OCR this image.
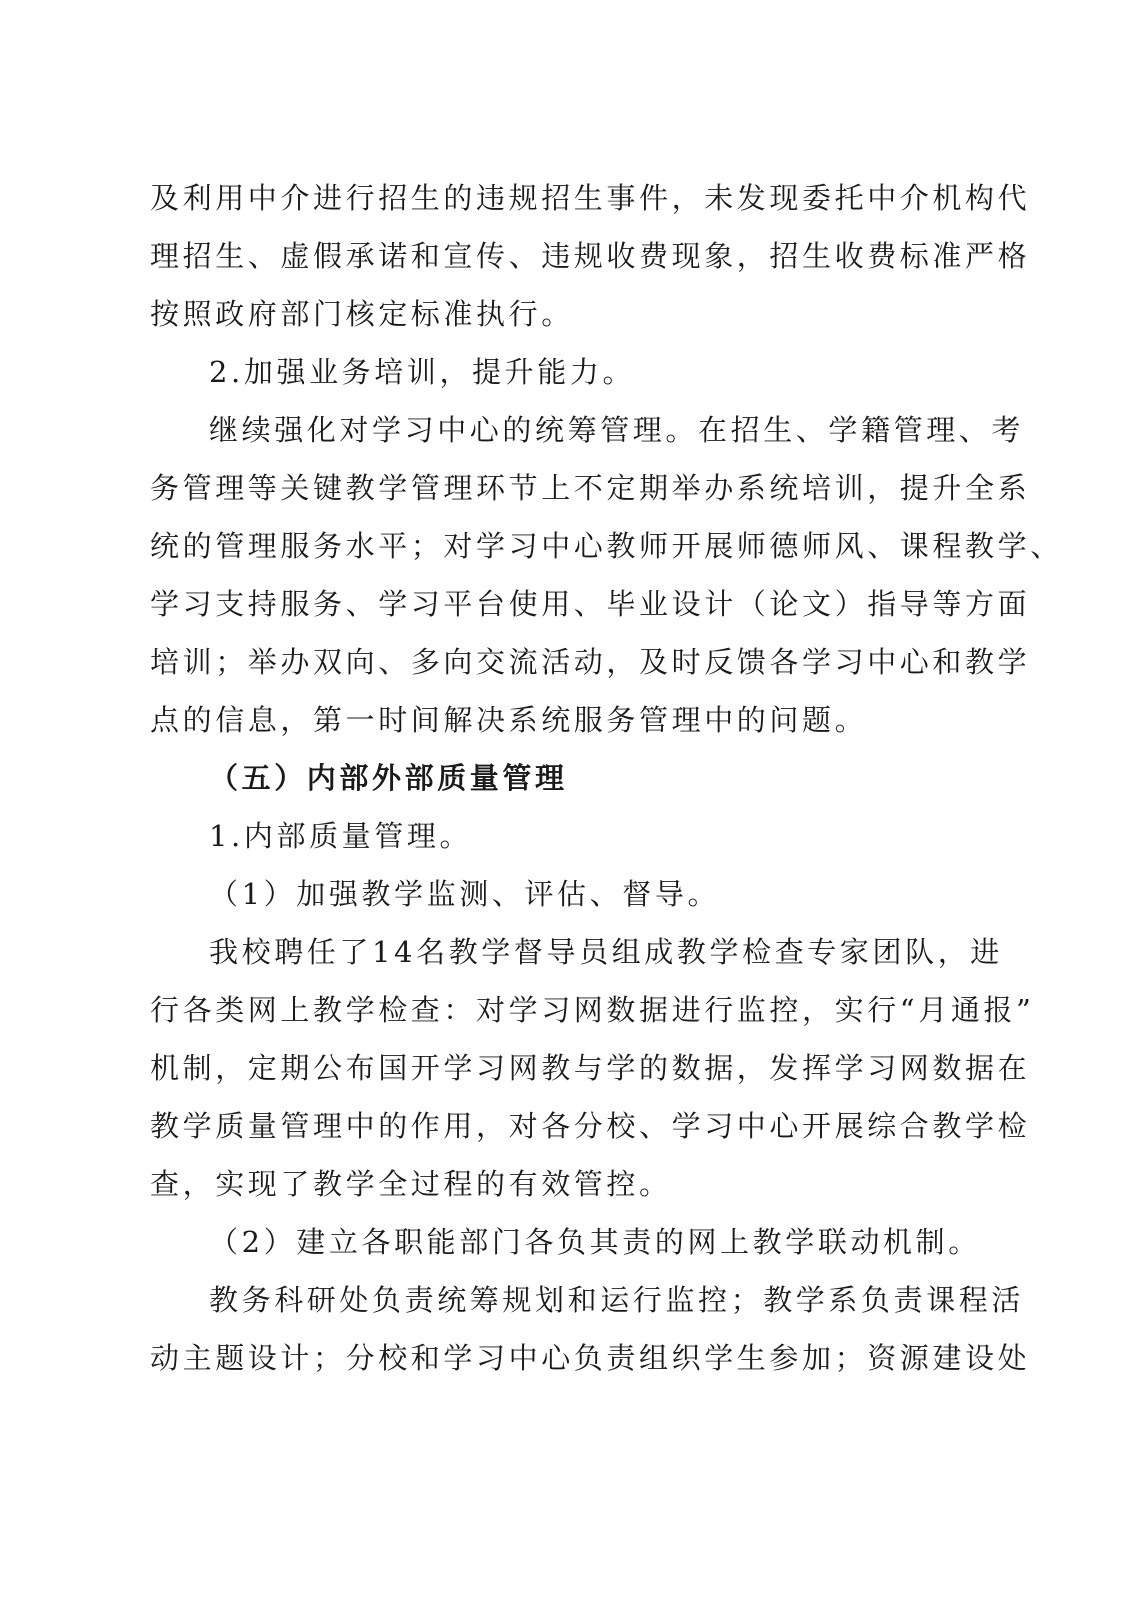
及利用中介进行招生的违规招生事件，未发现委托中介机构代
理招生、虚假承诺和宣传、违规收费现象，招生收费标准严格
按照政府部门核定标准执行。
2.加强业务培训，提升能力。
继续强化对学习中心的统筹管理。在招生、学籍管理、考
务管理等关键教学管理环节上不定期举办系统培训，提升全系
统的管理服务水平；对学习中心教师开展师德师风、课程教学、
学习支持服务、学习平台使用、毕业设计（论文）指导等方面
培训；举办双向、多向交流活动，及时反馈各学习中心和教学
点的信息，第一时间解决系统服务管理中的问题。
（五）内部外部质量管理
1.内部质量管理。
（1）加强教学监测、评估、督导。
我校聘任了14名教学督导员组成教学检查专家团队，进
行各类网上教学检查：对学习网数据进行监控，实行“月通报”
机制，定期公布国开学习网教与学的数据，发挥学习网数据在
教学质量管理中的作用，对各分校、学习中心开展综合教学检
查，实现了教学全过程的有效管控。
（2）建立各职能部门各负其责的网上教学联动机制。
教务科研处负责统筹规划和运行监控；教学系负责课程活
动主题设计；分校和学习中心负责组织学生参加；资源建设处
